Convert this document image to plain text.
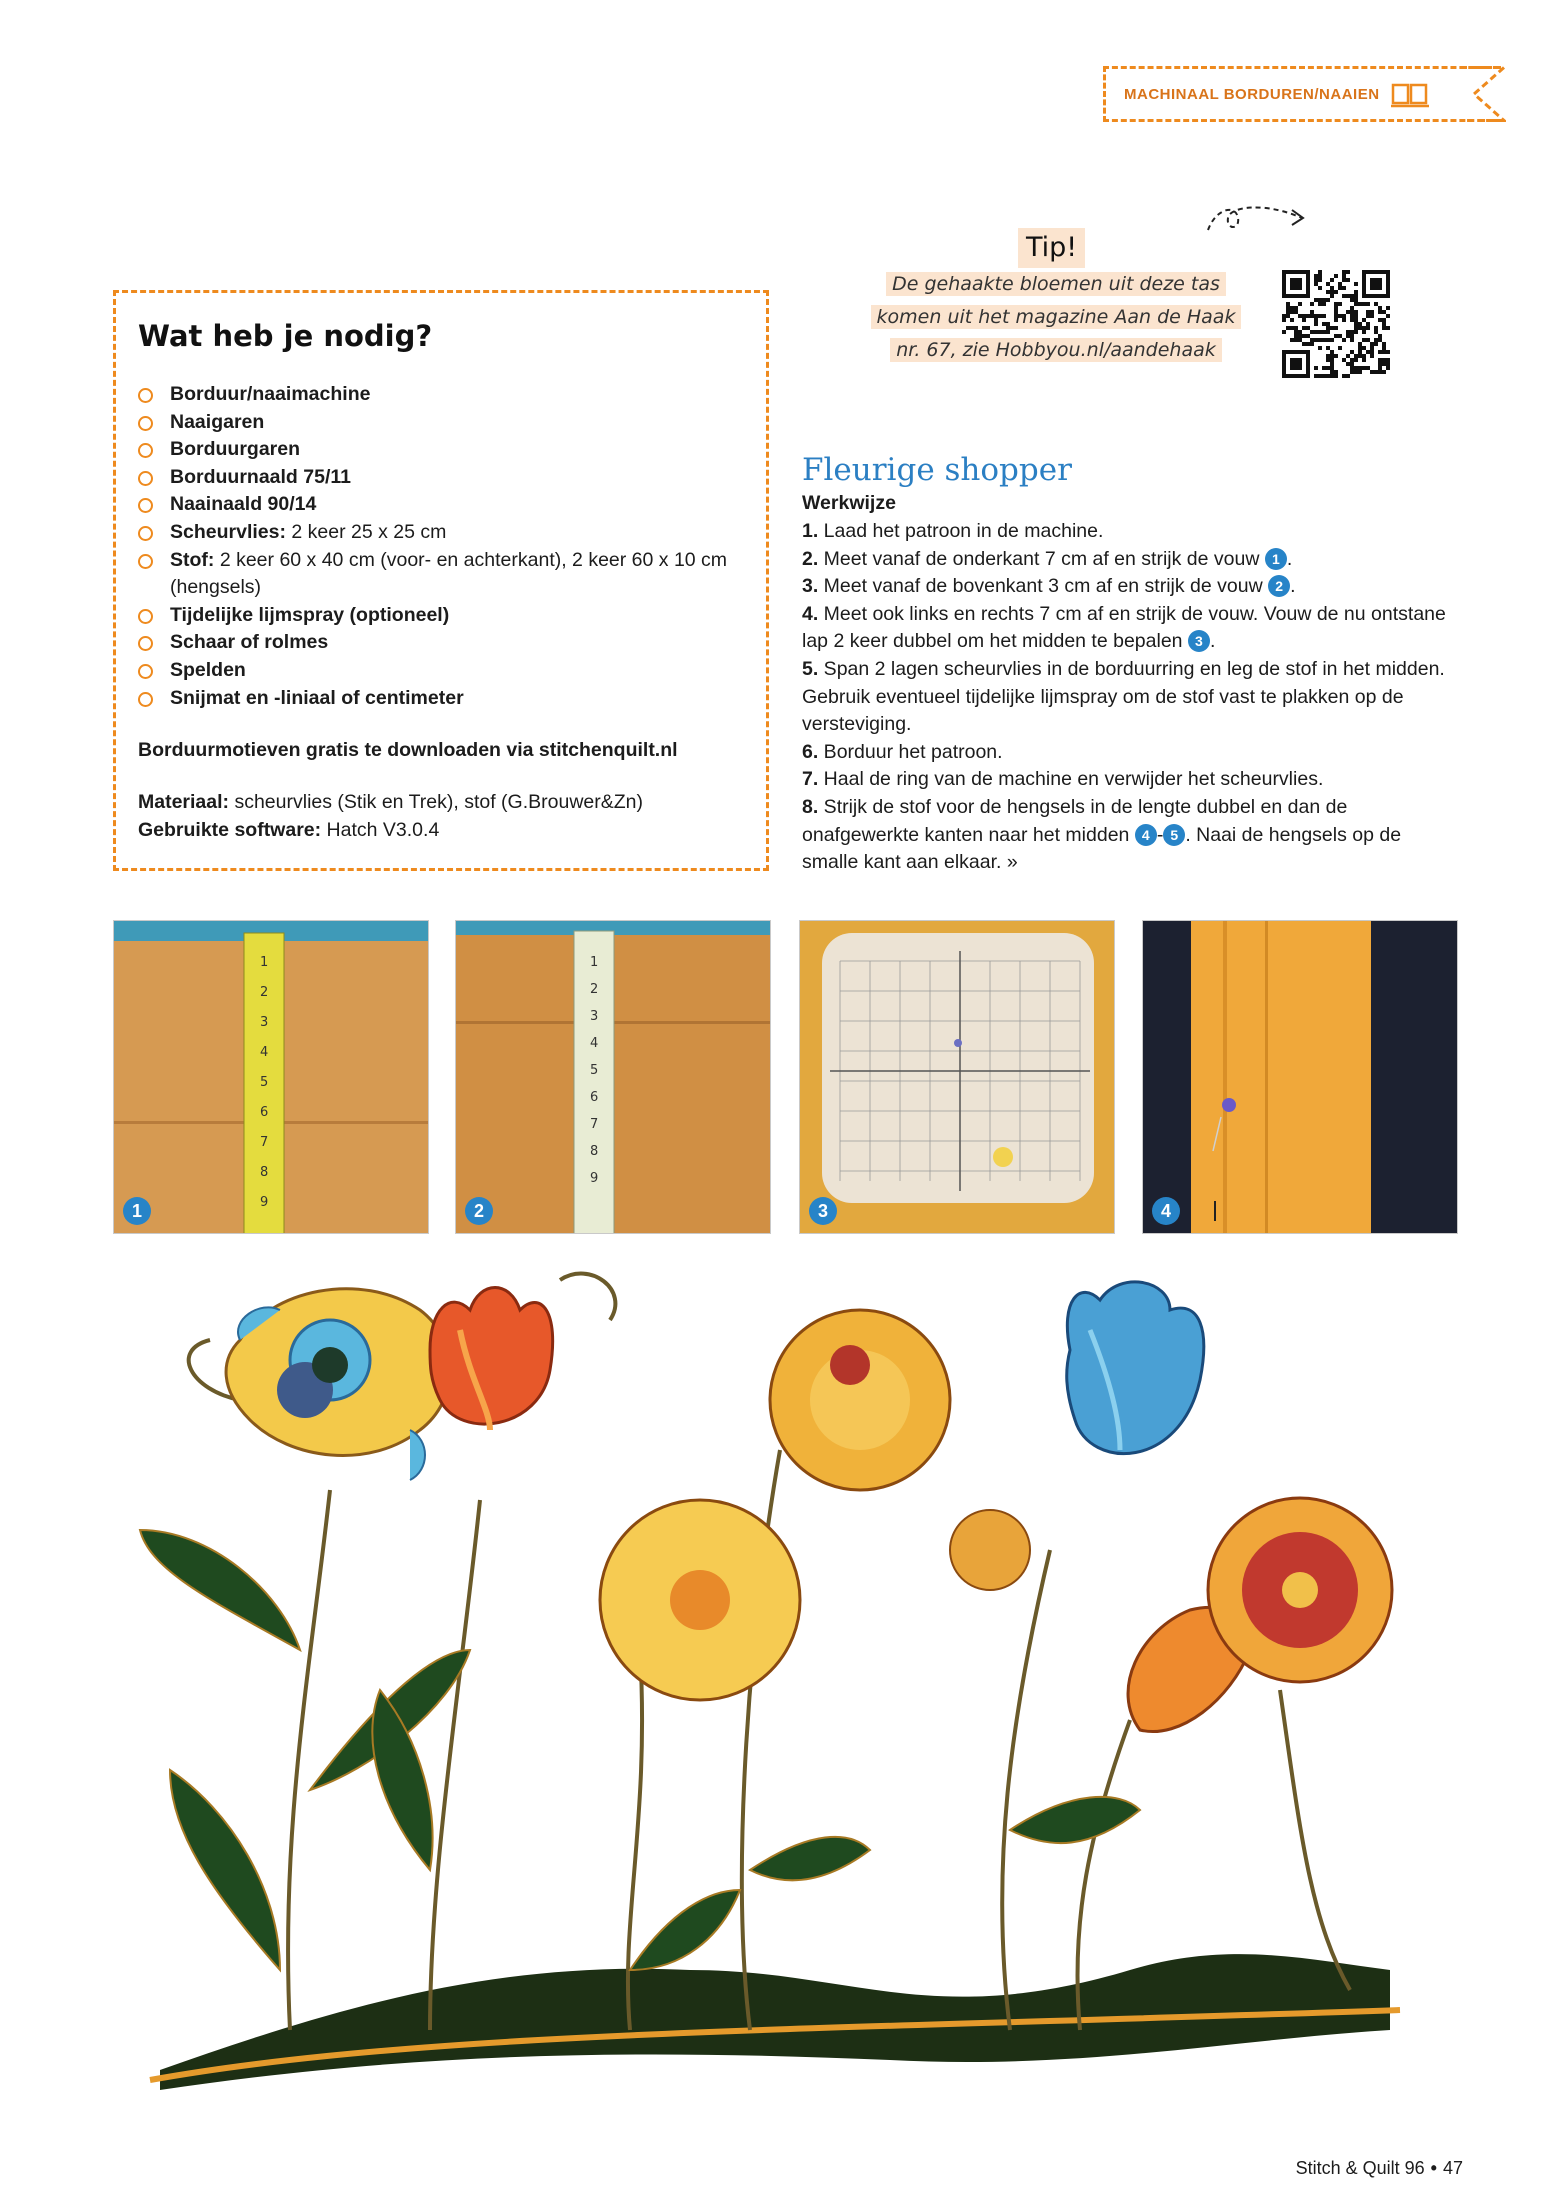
MACHINAAL BORDUREN/NAAIEN
Wat heb je nodig?
Borduur/naaimachine
Naaigaren
Borduurgaren
Borduurnaald 75/11
Naainaald 90/14
Scheurvlies: 2 keer 25 x 25 cm
Stof: 2 keer 60 x 40 cm (voor- en achterkant), 2 keer 60 x 10 cm (hengsels)
Tijdelijke lijmspray (optioneel)
Schaar of rolmes
Spelden
Snijmat en -liniaal of centimeter
Borduurmotieven gratis te downloaden via stitchenquilt.nl
Materiaal: scheurvlies (Stik en Trek), stof (G.Brouwer&Zn)
Gebruikte software: Hatch V3.0.4
Tip!
De gehaakte bloemen uit deze tas
komen uit het magazine Aan de Haak
nr. 67, zie Hobbyou.nl/aandehaak
Fleurige shopper
Werkwijze
1. Laad het patroon in de machine.
2. Meet vanaf de onderkant 7 cm af en strijk de vouw 1 .
3. Meet vanaf de bovenkant 3 cm af en strijk de vouw 2 .
4. Meet ook links en rechts 7 cm af en strijk de vouw. Vouw de nu ontstane lap 2 keer dubbel om het midden te bepalen 3 .
5. Span 2 lagen scheurvlies in de borduurring en leg de stof in het midden. Gebruik eventueel tijdelijke lijmspray om de stof vast te plakken op de versteviging.
6. Borduur het patroon.
7. Haal de ring van de machine en verwijder het scheurvlies.
8. Strijk de stof voor de hengsels in de lengte dubbel en dan de onafgewerkte kanten naar het midden 4 - 5 . Naai de hengsels op de smalle kant aan elkaar. »
1
2
3
4
5
6
7
8
9
1
1
2
3
4
5
6
7
8
9
2	3	4
Stitch & Quilt 96 • 47
